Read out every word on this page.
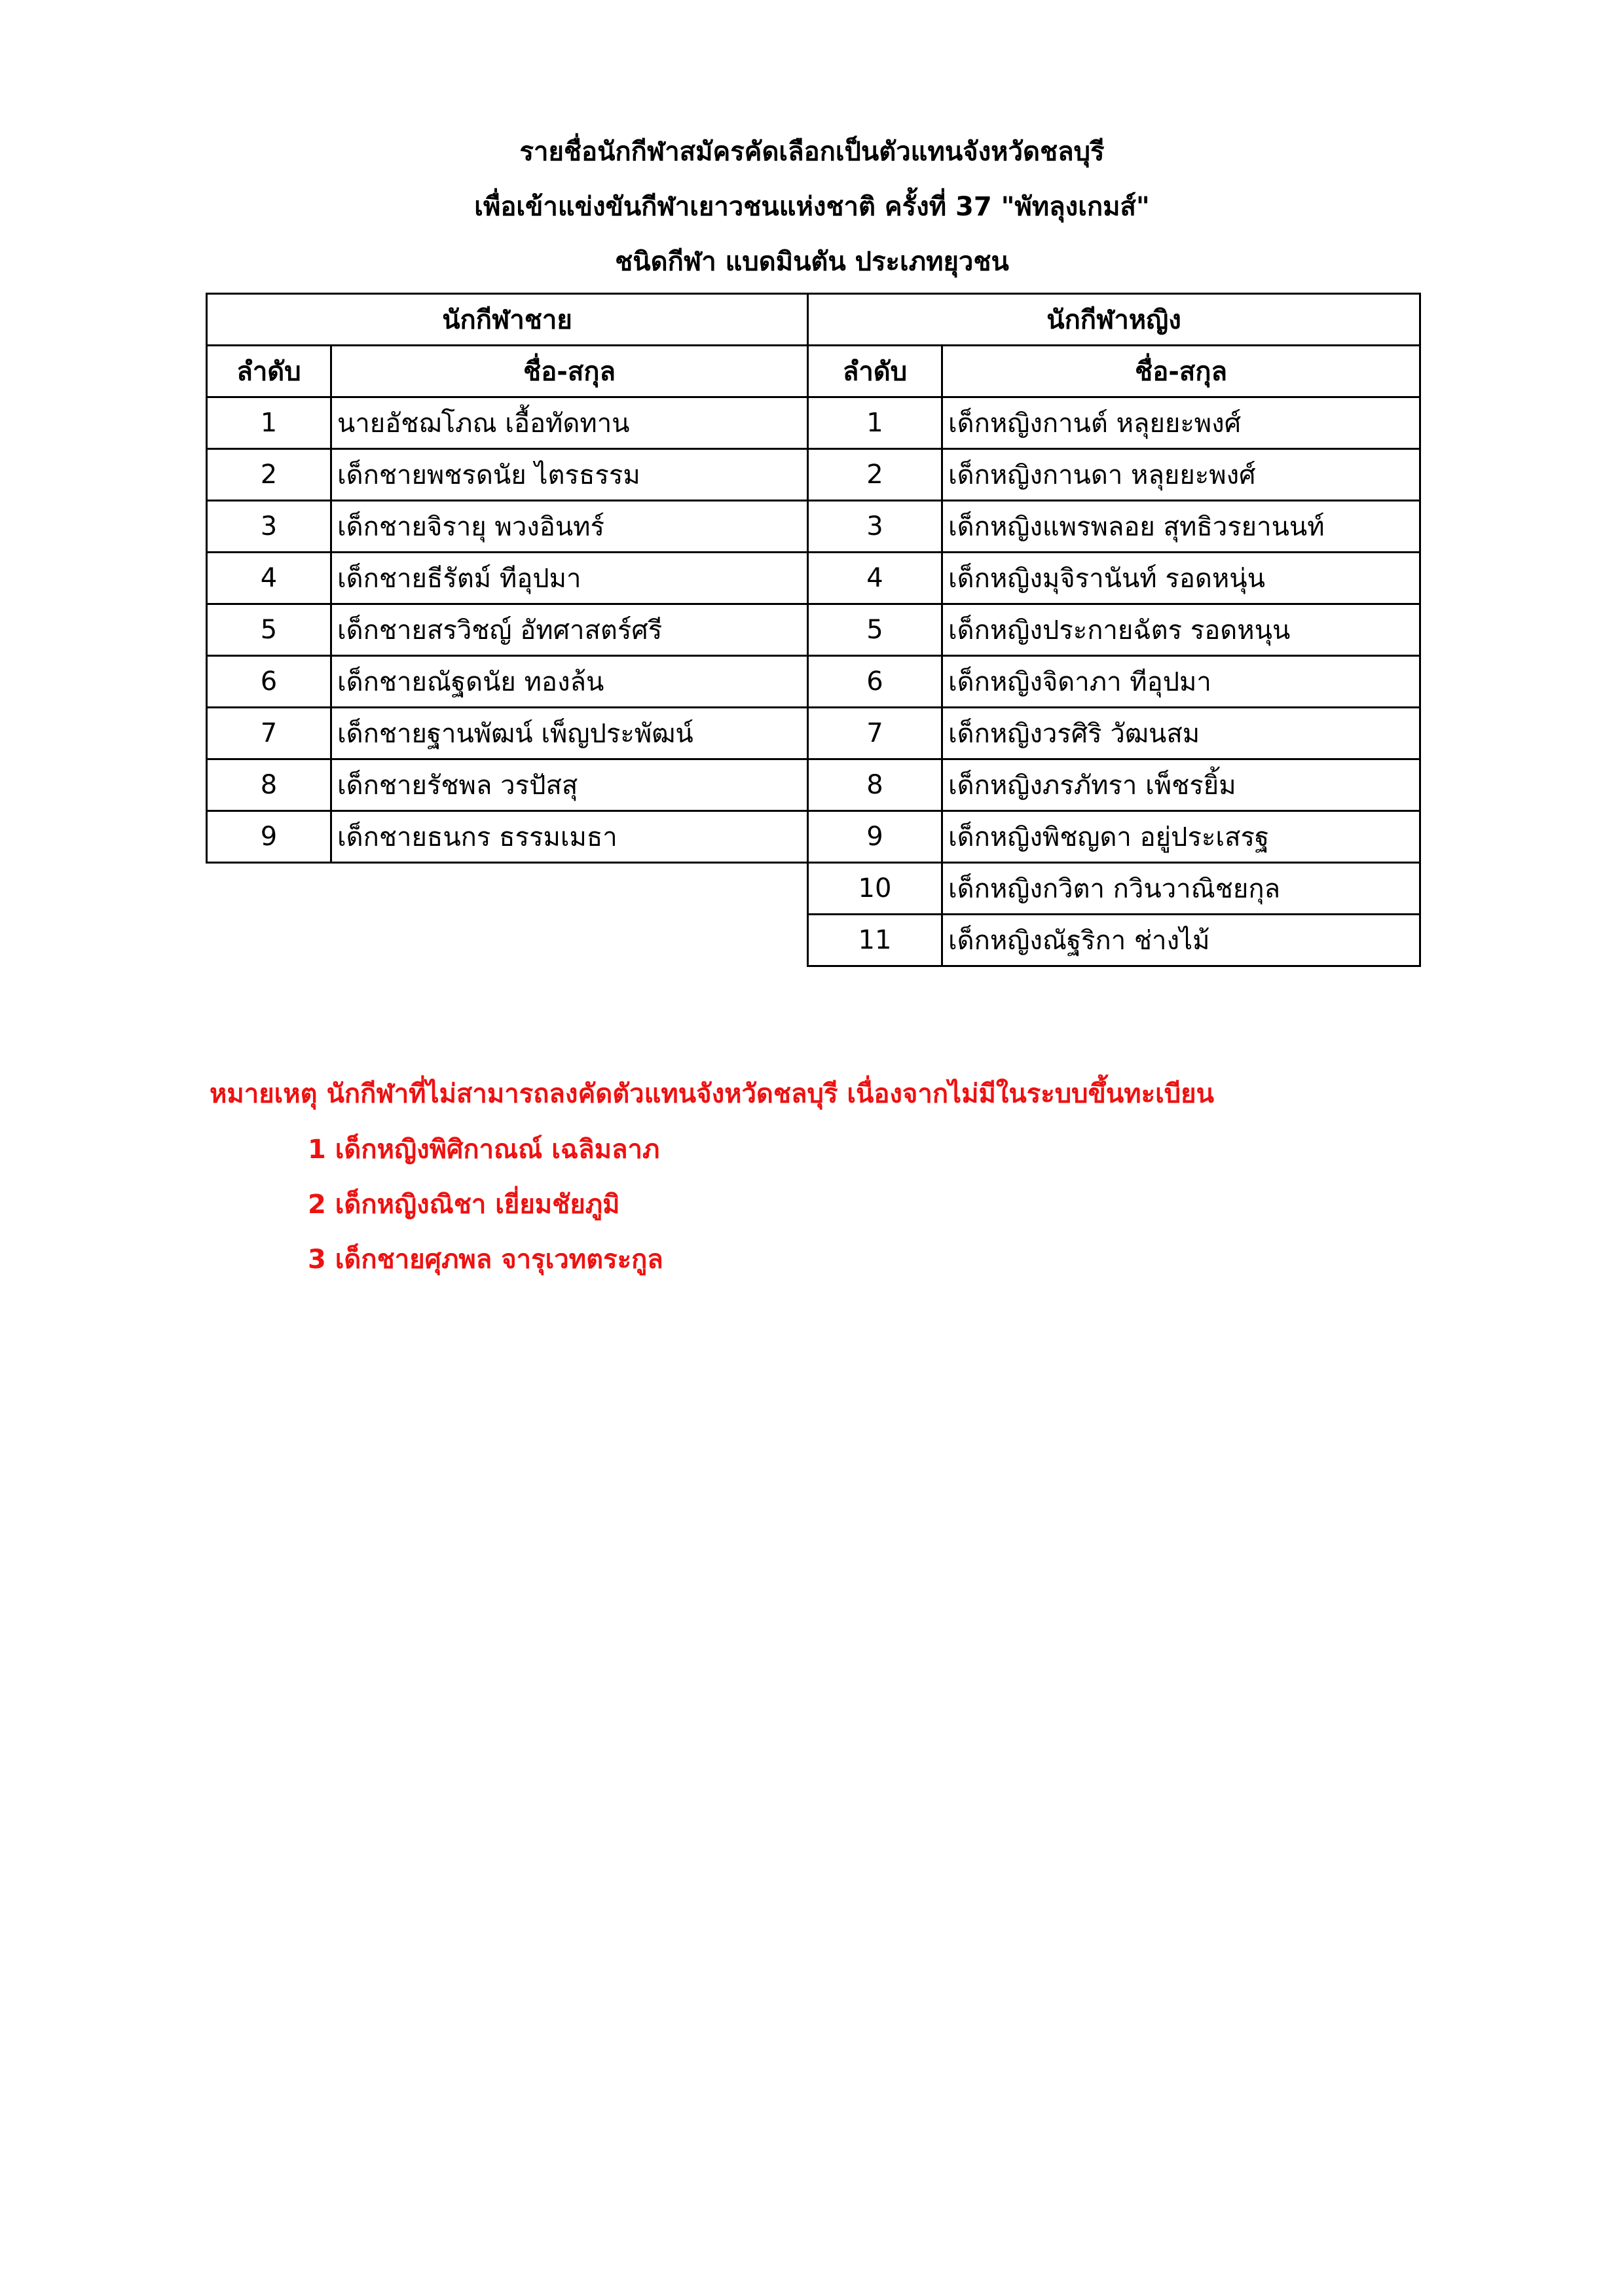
รายชื่อนักกีฬาสมัครคัดเลือกเป็นตัวแทนจังหวัดชลบุรี
เพื่อเข้าแข่งขันกีฬาเยาวชนแห่งชาติ ครั้งที่ 37 "พัทลุงเกมส์"
ชนิดกีฬา แบดมินตัน ประเภทยุวชน
นักกีฬาชาย	
ลำดับ	ชื่อ-สกุล
1	นายอัชฌโภณ เอื้อทัดทาน
2	เด็กชายพชรดนัย ไตรธรรม
3	เด็กชายจิรายุ พวงอินทร์
4	เด็กชายธีรัตม์ ทีอุปมา
5	เด็กชายสรวิชญ์ อัทศาสตร์ศรี
6	เด็กชายณัฐดนัย ทองล้น
7	เด็กชายฐานพัฒน์ เพ็ญประพัฒน์
8	เด็กชายรัชพล วรปัสสุ
9	เด็กชายธนกร ธรรมเมธา
นักกีฬาหญิง	
ลำดับ	ชื่อ-สกุล
1	เด็กหญิงกานต์ หลุยยะพงศ์
2	เด็กหญิงกานดา หลุยยะพงศ์
3	เด็กหญิงแพรพลอย สุทธิวรยานนท์
4	เด็กหญิงมุจิรานันท์ รอดหนุ่น
5	เด็กหญิงประกายฉัตร รอดหนุน
6	เด็กหญิงจิดาภา ทีอุปมา
7	เด็กหญิงวรศิริ วัฒนสม
8	เด็กหญิงภรภัทรา เพ็ชรยิ้ม
9	เด็กหญิงพิชญดา อยู่ประเสรฐ
10	เด็กหญิงกวิตา กวินวาณิชยกุล
11	เด็กหญิงณัฐริกา ช่างไม้
หมายเหตุ นักกีฬาที่ไม่สามารถลงคัดตัวแทนจังหวัดชลบุรี เนื่องจากไม่มีในระบบขึ้นทะเบียน
1 เด็กหญิงพิศิกาณณ์ เฉลิมลาภ
2 เด็กหญิงณิชา เยี่ยมชัยภูมิ
3 เด็กชายศุภพล จารุเวทตระกูล
